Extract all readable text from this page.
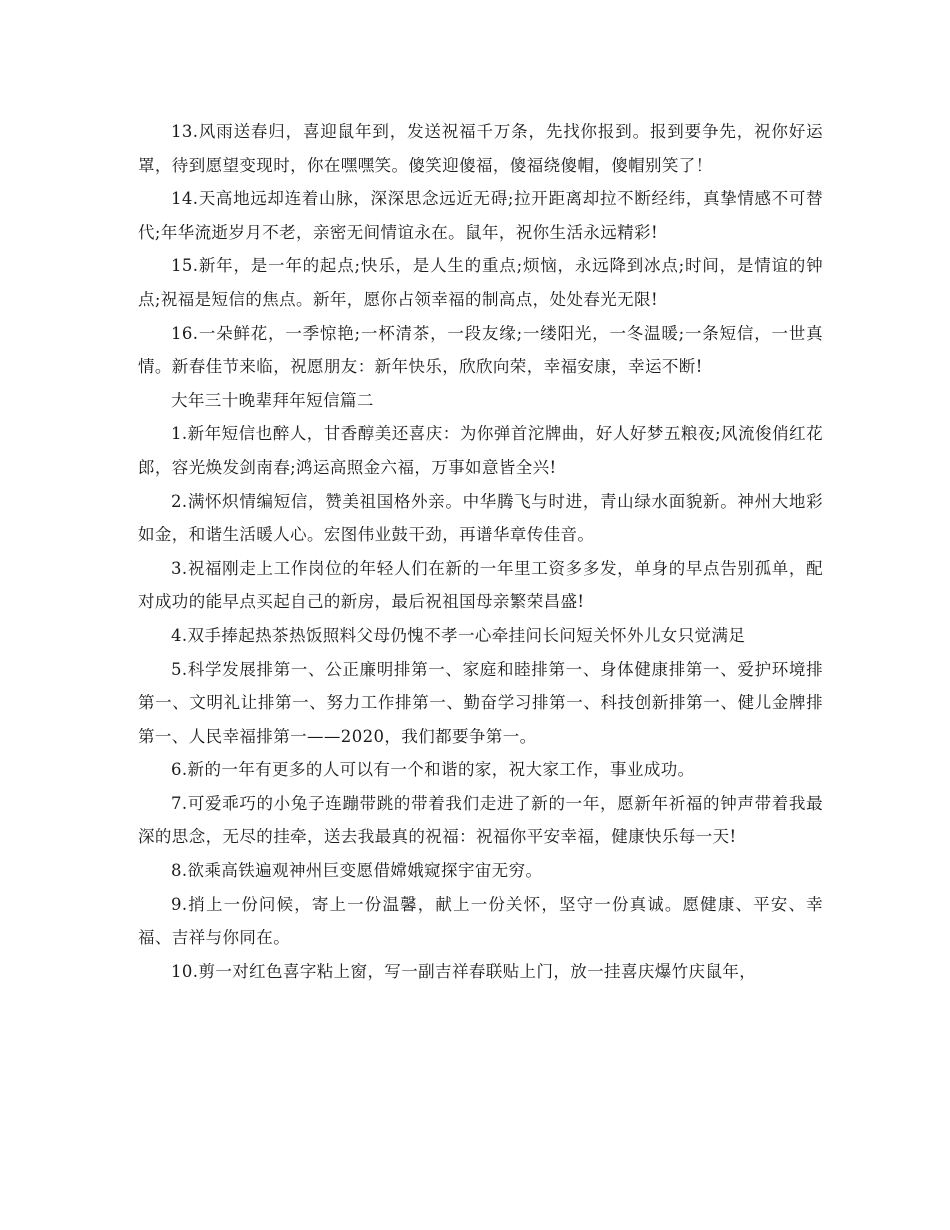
13.风雨送春归，喜迎鼠年到，发送祝福千万条，先找你报到。报到要争先，祝你好运罩，待到愿望变现时，你在嘿嘿笑。傻笑迎傻福，傻福绕傻帽，傻帽别笑了！

14.天高地远却连着山脉，深深思念远近无碍;拉开距离却拉不断经纬，真挚情感不可替代;年华流逝岁月不老，亲密无间情谊永在。鼠年，祝你生活永远精彩!

15.新年，是一年的起点;快乐，是人生的重点;烦恼，永远降到冰点;时间，是情谊的钟点;祝福是短信的焦点。新年，愿你占领幸福的制高点，处处春光无限!

16.一朵鲜花，一季惊艳;一杯清茶，一段友缘;一缕阳光，一冬温暖;一条短信，一世真情。新春佳节来临，祝愿朋友：新年快乐，欣欣向荣，幸福安康，幸运不断!

大年三十晚辈拜年短信篇二

1.新年短信也醉人，甘香醇美还喜庆：为你弹首沱牌曲，好人好梦五粮夜;风流俊俏红花郎，容光焕发剑南春;鸿运高照金六福，万事如意皆全兴!

2.满怀炽情编短信，赞美祖国格外亲。中华腾飞与时进，青山绿水面貌新。神州大地彩如金，和谐生活暖人心。宏图伟业鼓干劲，再谱华章传佳音。

3.祝福刚走上工作岗位的年轻人们在新的一年里工资多多发，单身的早点告别孤单，配对成功的能早点买起自己的新房，最后祝祖国母亲繁荣昌盛!

4.双手捧起热茶热饭照料父母仍愧不孝一心牵挂问长问短关怀外儿女只觉满足

5.科学发展排第一、公正廉明排第一、家庭和睦排第一、身体健康排第一、爱护环境排第一、文明礼让排第一、努力工作排第一、勤奋学习排第一、科技创新排第一、健儿金牌排第一、人民幸福排第一——2020，我们都要争第一。

6.新的一年有更多的人可以有一个和谐的家，祝大家工作，事业成功。

7.可爱乖巧的小兔子连蹦带跳的带着我们走进了新的一年，愿新年祈福的钟声带着我最深的思念，无尽的挂牵，送去我最真的祝福：祝福你平安幸福，健康快乐每一天!

8.欲乘高铁遍观神州巨变愿借嫦娥窥探宇宙无穷。

9.捎上一份问候，寄上一份温馨，献上一份关怀，坚守一份真诚。愿健康、平安、幸福、吉祥与你同在。

10.剪一对红色喜字粘上窗，写一副吉祥春联贴上门，放一挂喜庆爆竹庆鼠年，
